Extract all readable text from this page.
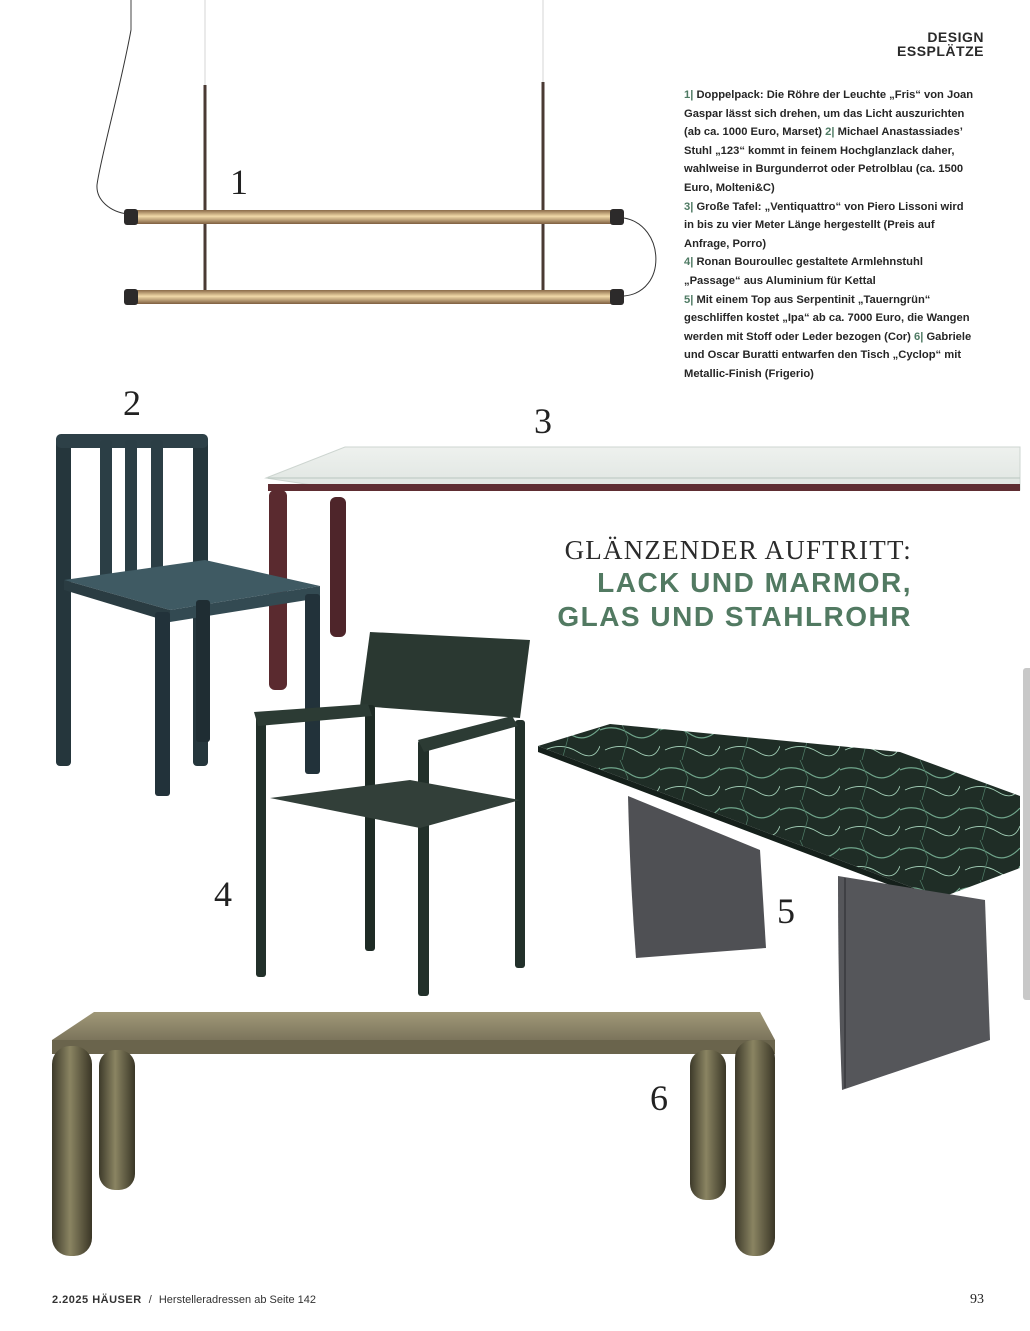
DESIGN
ESSPLÄTZE
1| Doppelpack: Die Röhre der Leuchte „Fris“ von Joan Gaspar lässt sich drehen, um das Licht auszurichten (ab ca. 1000 Euro, Marset) 2| Michael Anastassiades’ Stuhl „123“ kommt in feinem Hochglanzlack daher, wahlweise in Burgunderrot oder Petrolblau (ca. 1500 Euro, Molteni&C)
3| Große Tafel: „Ventiquattro“ von Piero Lissoni wird in bis zu vier Meter Länge hergestellt (Preis auf Anfrage, Porro)
4| Ronan Bouroullec gestaltete Armlehnstuhl „Passage“ aus Aluminium für Kettal
5| Mit einem Top aus Serpentinit „Tauerngrün“ geschliffen kostet „Ipa“ ab ca. 7000 Euro, die Wangen werden mit Stoff oder Leder bezogen (Cor) 6| Gabriele und Oscar Buratti entwarfen den Tisch „Cyclop“ mit Metallic-Finish (Frigerio)
1
2	3
4	5
6
GLÄNZENDER AUFTRITT:
LACK UND MARMOR,
GLAS UND STAHLROHR
2.2025 HÄUSER / Herstelleradressen ab Seite 142	93
